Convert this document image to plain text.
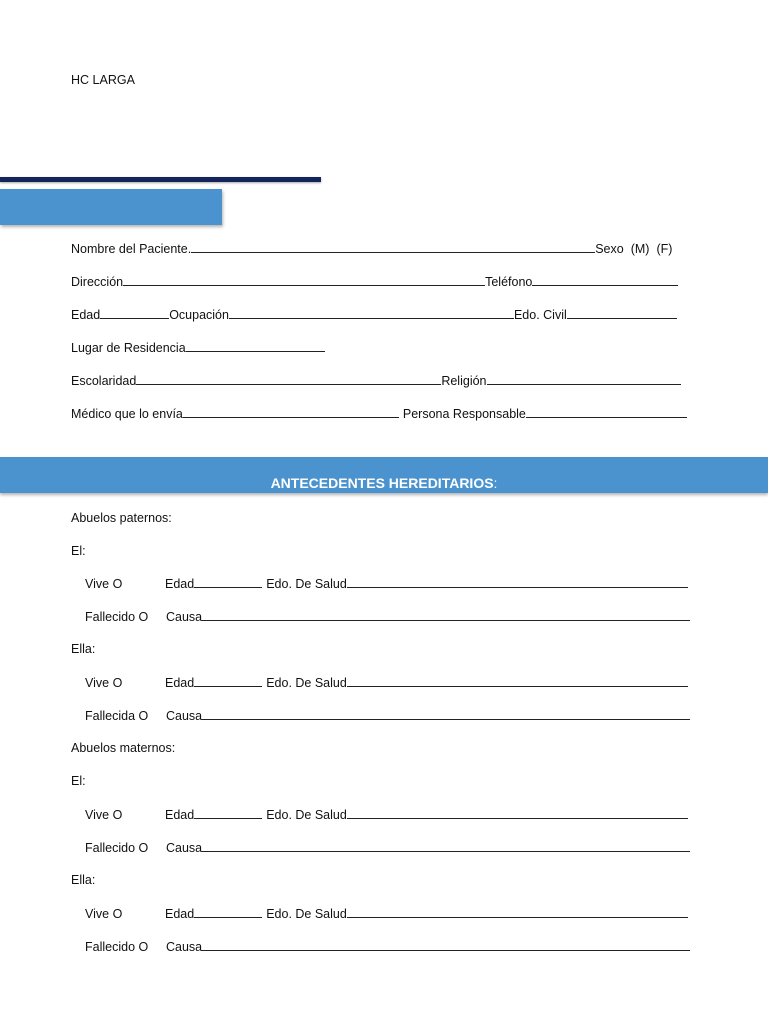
HC LARGA
Nombre del Paciente.	Sexo (M) (F)
Dirección	Teléfono
Edad	Ocupación	Edo. Civil
Lugar de Residencia
Escolaridad	Religión
Médico que lo envía	Persona Responsable
ANTECEDENTES HEREDITARIOS:
Abuelos paternos:
El:
Vive O	Edad	Edo. De Salud
Fallecido O Causa
Ella:
Vive O	Edad	Edo. De Salud
Fallecida O Causa
Abuelos maternos:
El:
Vive O	Edad	Edo. De Salud
Fallecido O Causa
Ella:
Vive O	Edad	Edo. De Salud
Fallecido O Causa
